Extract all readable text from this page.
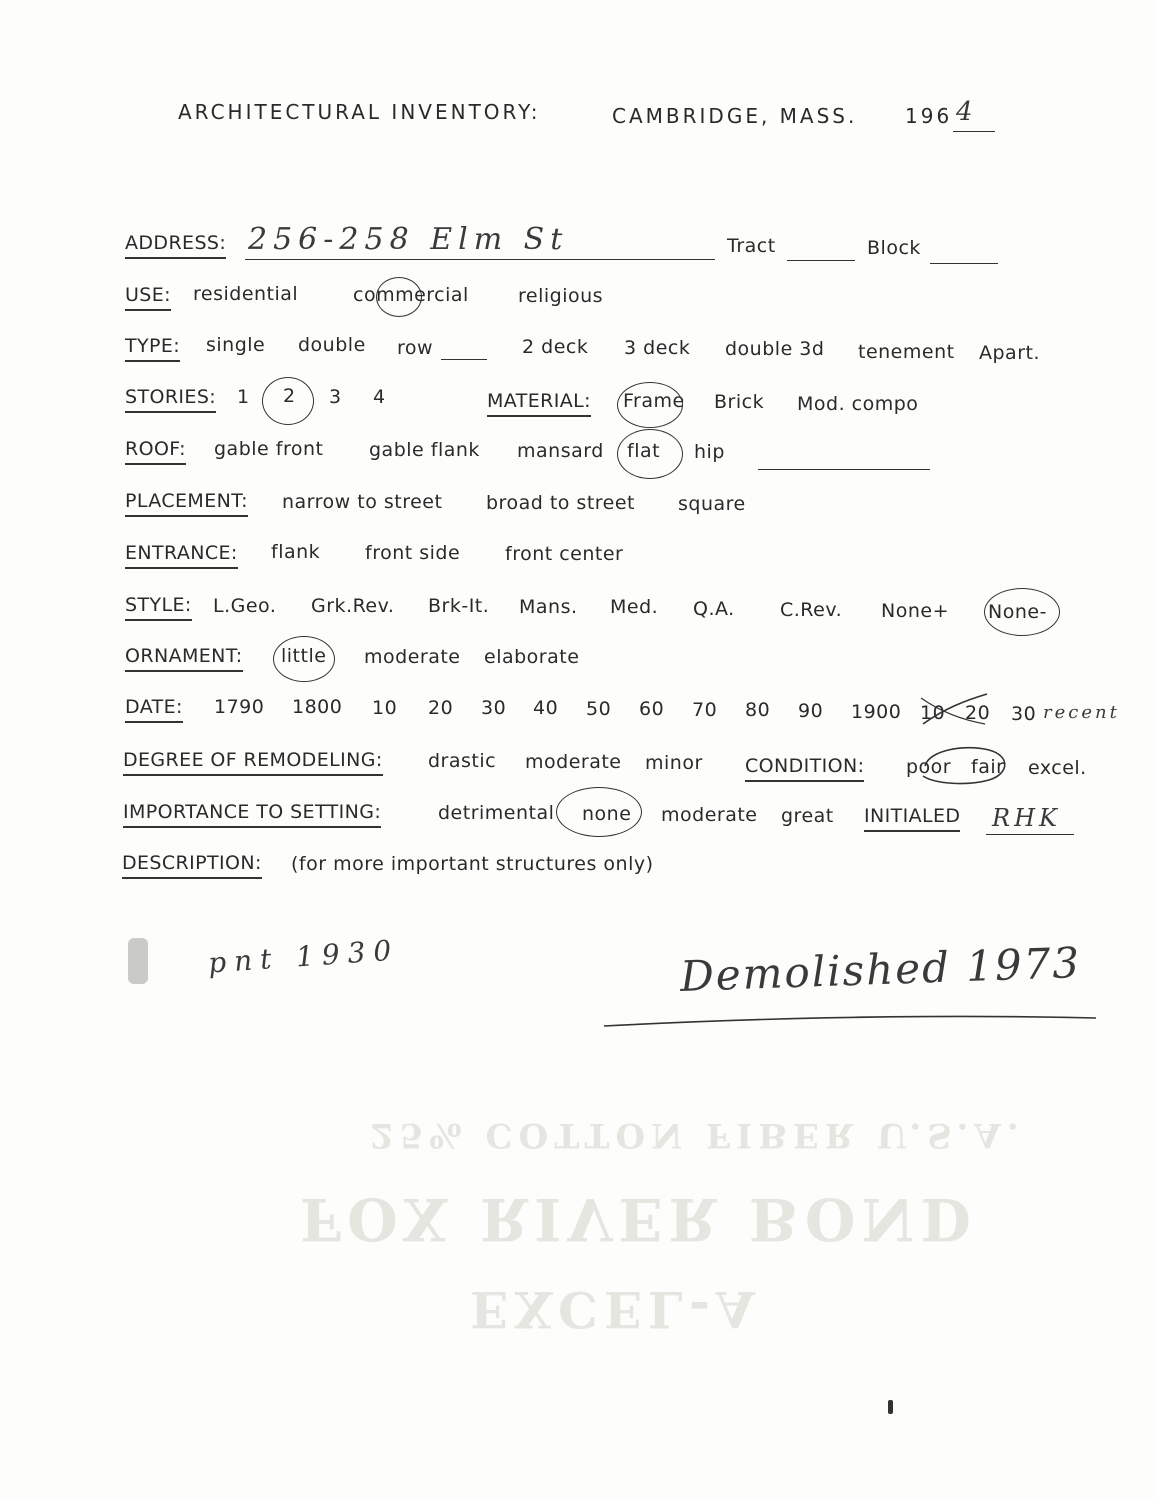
25% COTTON FIBER U.S.A.
FOX RIVER BOND
EXCEL-A
ARCHITECTURAL INVENTORY:	CAMBRIDGE, MASS. 196 4
ADDRESS: 256-258 Elm St	Tract	Block
USE: residential	commercial	religious
TYPE: single double row	2 deck 3 deck double 3d tenement Apart.
STORIES: 1 2 3 4	MATERIAL: Frame Brick Mod. compo
ROOF: gable front gable flank mansard flat hip
PLACEMENT: narrow to street broad to street square
ENTRANCE: flank front side front center
STYLE: L.Geo. Grk.Rev. Brk-It. Mans. Med. Q.A. C.Rev. None+ None-
ORNAMENT: little moderate elaborate
DATE: 1790 1800 10 20 30 40 50 60 70 80 90 1900 10 20 30 recent
DEGREE OF REMODELING: drastic moderate minor CONDITION: poor fair excel.
IMPORTANCE TO SETTING:	detrimental none moderate great INITIALED RHK
DESCRIPTION: (for more important structures only)
pnt 1930	Demolished 1973
